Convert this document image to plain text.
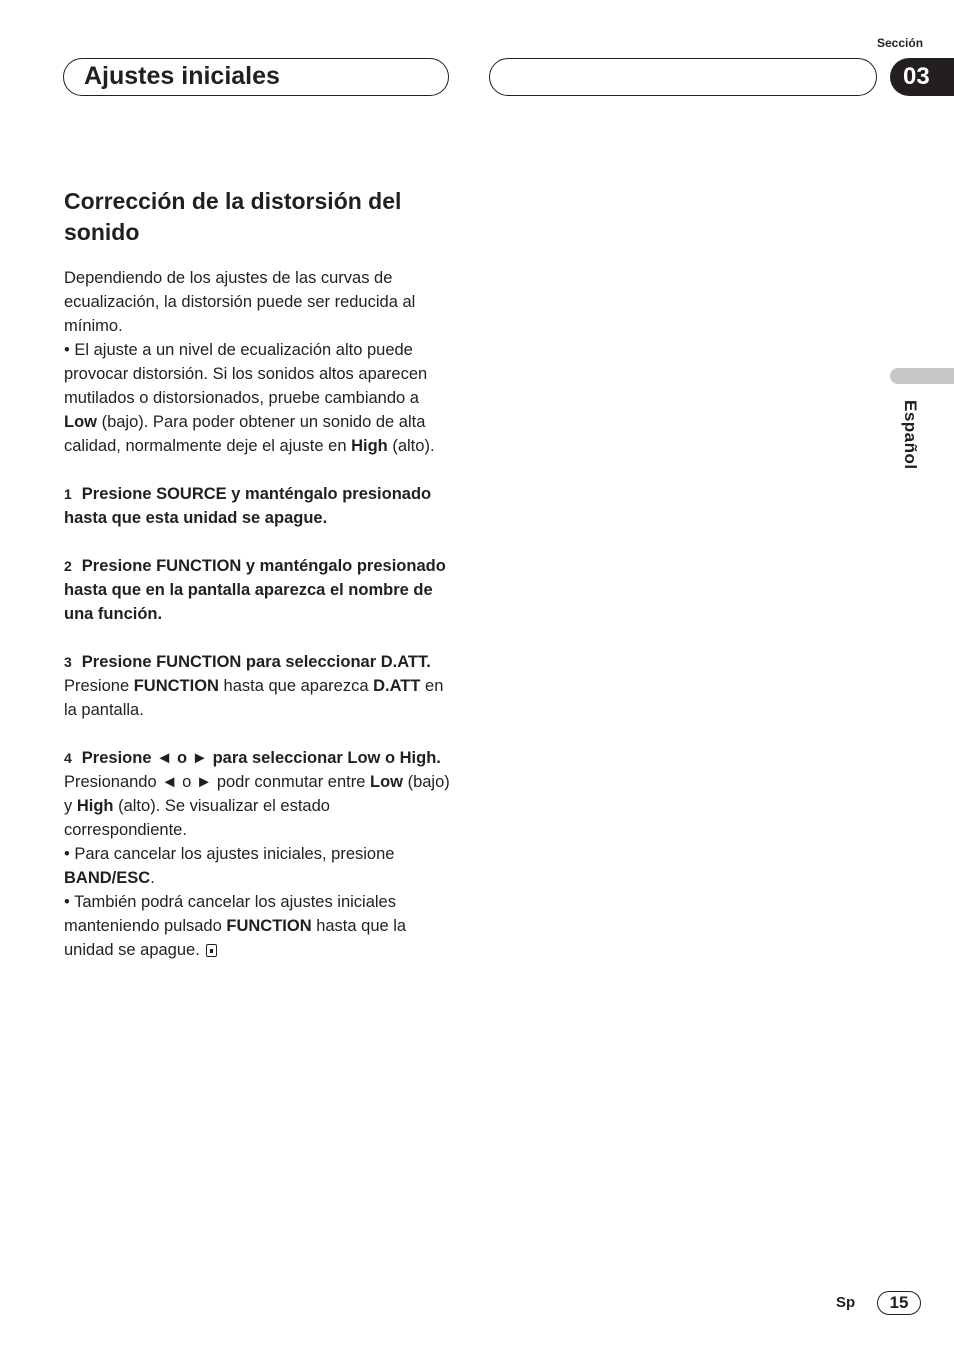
Sección
Ajustes iniciales	03
Español
Corrección de la distorsión del sonido

Dependiendo de los ajustes de las curvas de ecualización, la distorsión puede ser reducida al mínimo.

• El ajuste a un nivel de ecualización alto puede provocar distorsión. Si los sonidos altos aparecen mutilados o distorsionados, pruebe cambiando a Low (bajo). Para poder obtener un sonido de alta calidad, normalmente deje el ajuste en High (alto).

1 Presione SOURCE y manténgalo presionado hasta que esta unidad se apague.

2 Presione FUNCTION y manténgalo presionado hasta que en la pantalla aparezca el nombre de una función.

3 Presione FUNCTION para seleccionar D.ATT.

Presione FUNCTION hasta que aparezca D.ATT en la pantalla.

4 Presione ◄ o ► para seleccionar Low o High.

Presionando ◄ o ► podr conmutar entre Low (bajo) y High (alto). Se visualizar el estado correspondiente.

• Para cancelar los ajustes iniciales, presione BAND/ESC.

• También podrá cancelar los ajustes iniciales manteniendo pulsado FUNCTION hasta que la unidad se apague.

Sp	15
